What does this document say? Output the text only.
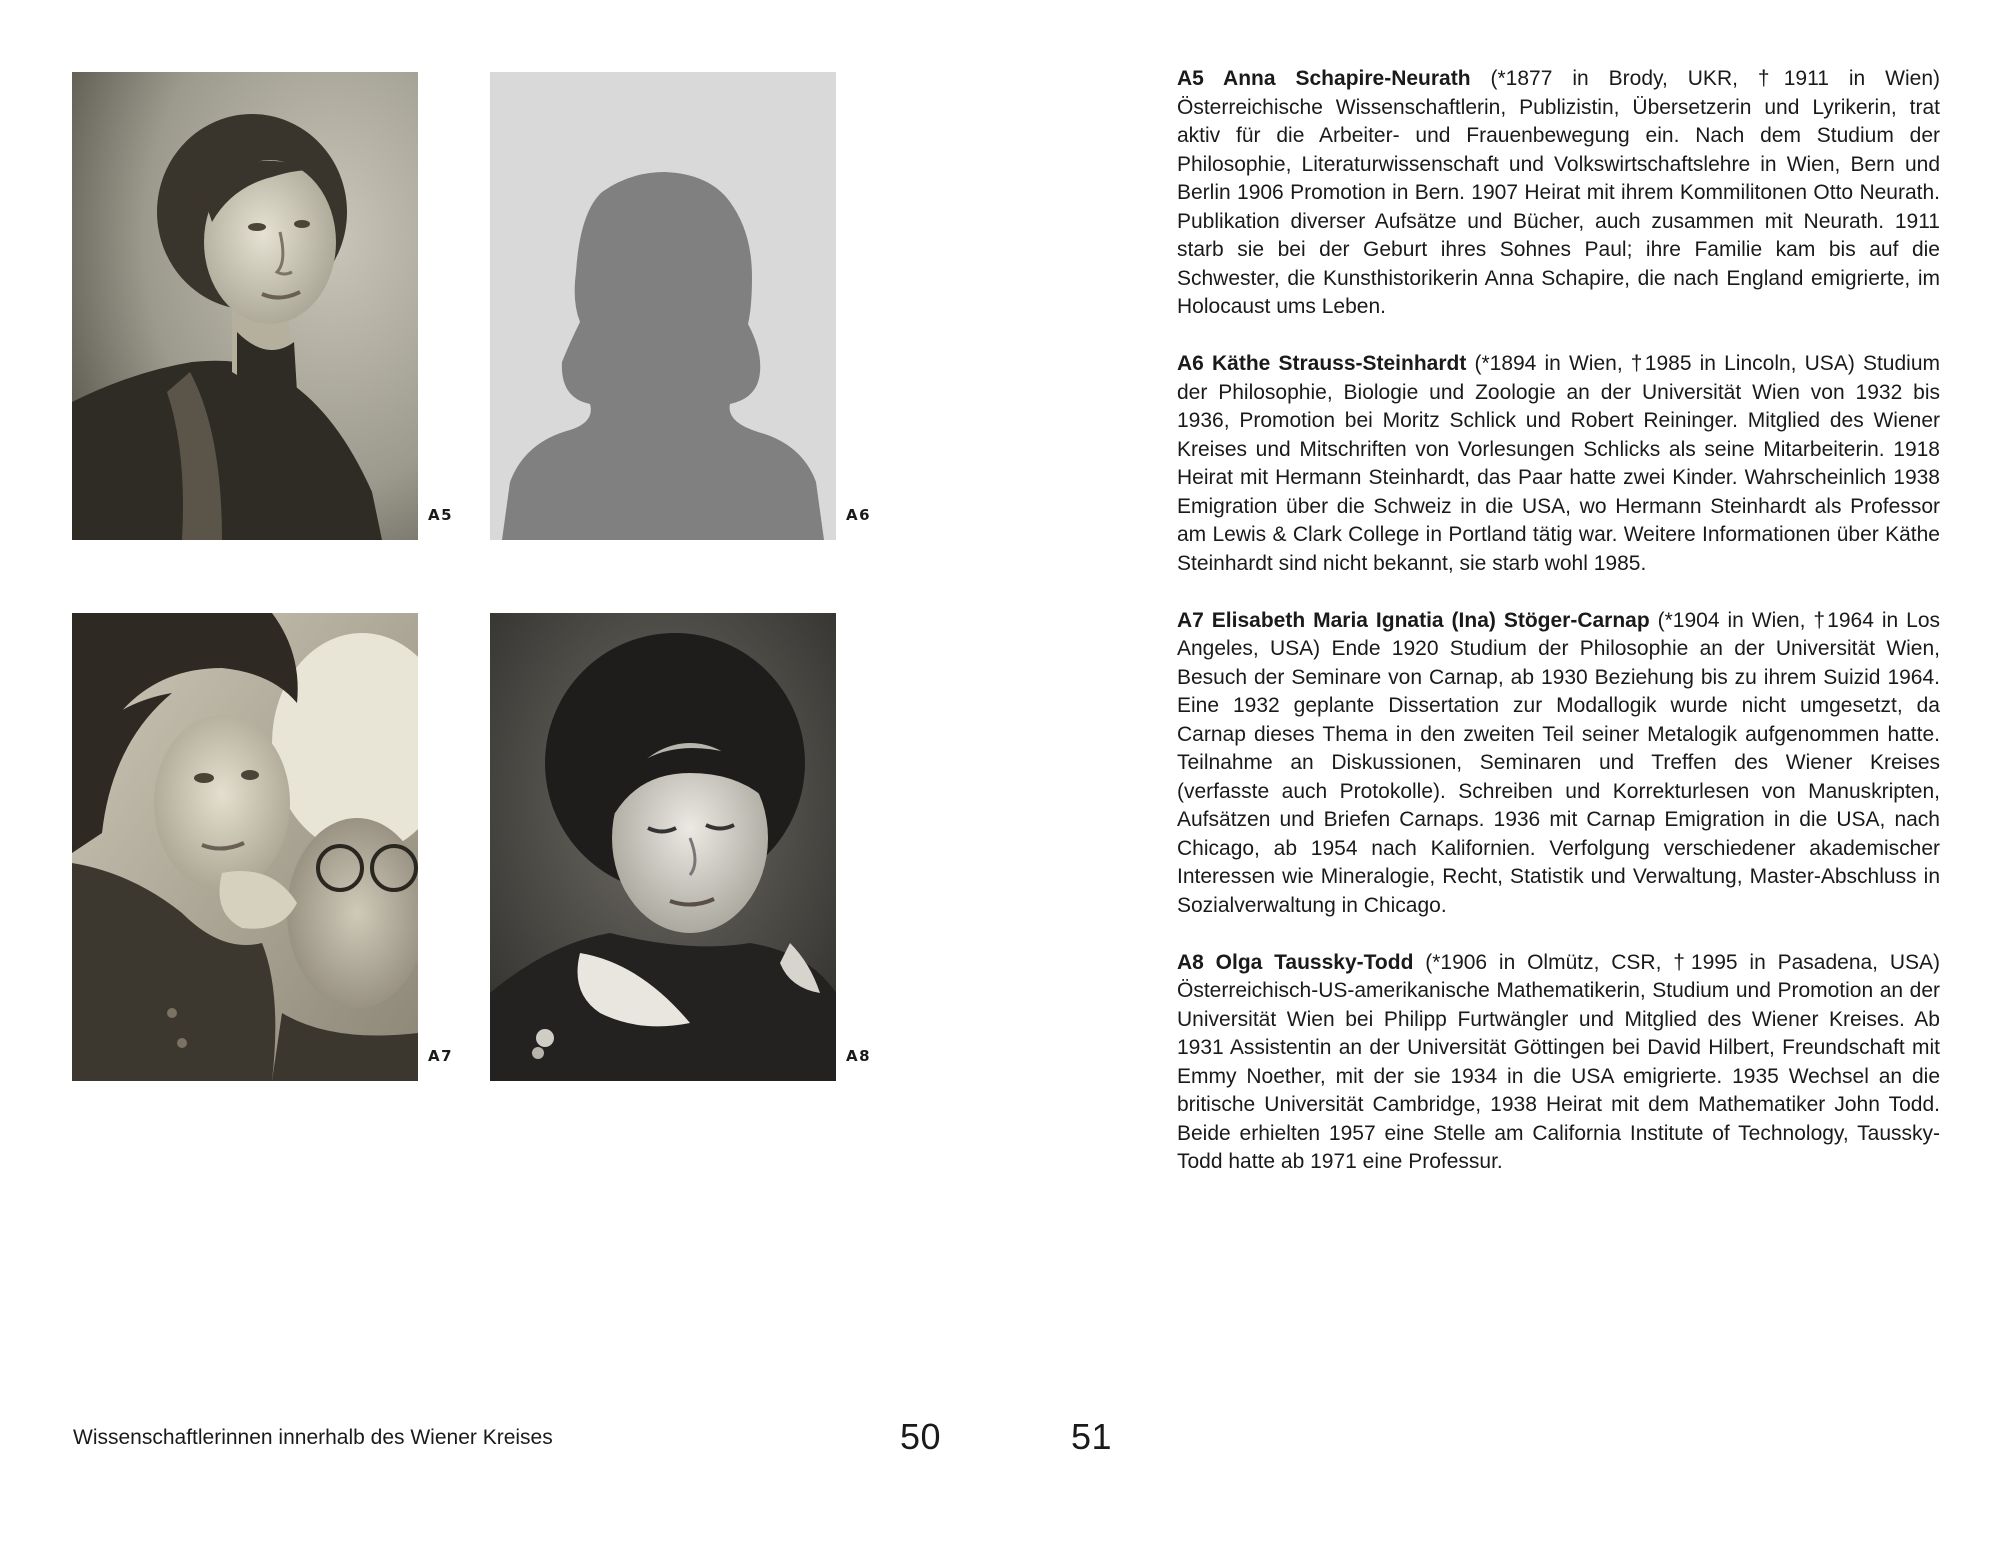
A5	A6
A7	A8

A5 Anna Schapire-Neurath (*1877 in Brody, UKR, †1911 in Wien) Österreichische Wissenschaftlerin, Publizistin, Übersetzerin und Lyrikerin, trat aktiv für die Arbeiter- und Frauenbewegung ein. Nach dem Studium der Philosophie, Literaturwissenschaft und Volkswirtschaftslehre in Wien, Bern und Berlin 1906 Promotion in Bern. 1907 Heirat mit ihrem Kommilitonen Otto Neurath. Publikation diverser Aufsätze und Bücher, auch zusammen mit Neurath. 1911 starb sie bei der Geburt ihres Sohnes Paul; ihre Familie kam bis auf die Schwester, die Kunsthistorikerin Anna Schapire, die nach England emigrierte, im Holocaust ums Leben.

A6 Käthe Strauss-Steinhardt (*1894 in Wien, †1985 in Lincoln, USA) Studium der Philosophie, Biologie und Zoologie an der Universität Wien von 1932 bis 1936, Promotion bei Moritz Schlick und Robert Reininger. Mitglied des Wiener Kreises und Mitschriften von Vorlesungen Schlicks als seine Mitarbeiterin. 1918 Heirat mit Hermann Steinhardt, das Paar hatte zwei Kinder. Wahrscheinlich 1938 Emigration über die Schweiz in die USA, wo Hermann Steinhardt als Professor am Lewis & Clark College in Portland tätig war. Weitere Informationen über Käthe Steinhardt sind nicht bekannt, sie starb wohl 1985.

A7 Elisabeth Maria Ignatia (Ina) Stöger-Carnap (*1904 in Wien, †1964 in Los Angeles, USA) Ende 1920 Studium der Philosophie an der Universität Wien, Besuch der Seminare von Carnap, ab 1930 Beziehung bis zu ihrem Suizid 1964. Eine 1932 geplante Dissertation zur Modallogik wurde nicht umgesetzt, da Carnap dieses Thema in den zweiten Teil seiner Metalogik aufgenommen hatte. Teilnahme an Diskussionen, Seminaren und Treffen des Wiener Kreises (verfasste auch Protokolle). Schreiben und Korrekturlesen von Manuskripten, Aufsätzen und Briefen Carnaps. 1936 mit Carnap Emigration in die USA, nach Chicago, ab 1954 nach Kalifornien. Verfolgung verschiedener akademischer Interessen wie Mineralogie, Recht, Statistik und Verwaltung, Master-Abschluss in Sozialverwaltung in Chicago.

A8 Olga Taussky-Todd (*1906 in Olmütz, CSR, †1995 in Pasadena, USA) Österreichisch-US-amerikanische Mathematikerin, Studium und Promotion an der Universität Wien bei Philipp Furtwängler und Mitglied des Wiener Kreises. Ab 1931 Assistentin an der Universität Göttingen bei David Hilbert, Freundschaft mit Emmy Noether, mit der sie 1934 in die USA emigrierte. 1935 Wechsel an die britische Universität Cambridge, 1938 Heirat mit dem Mathematiker John Todd. Beide erhielten 1957 eine Stelle am California Institute of Technology, Taussky-Todd hatte ab 1971 eine Professur.

Wissenschaftlerinnen innerhalb des Wiener Kreises	50	51
